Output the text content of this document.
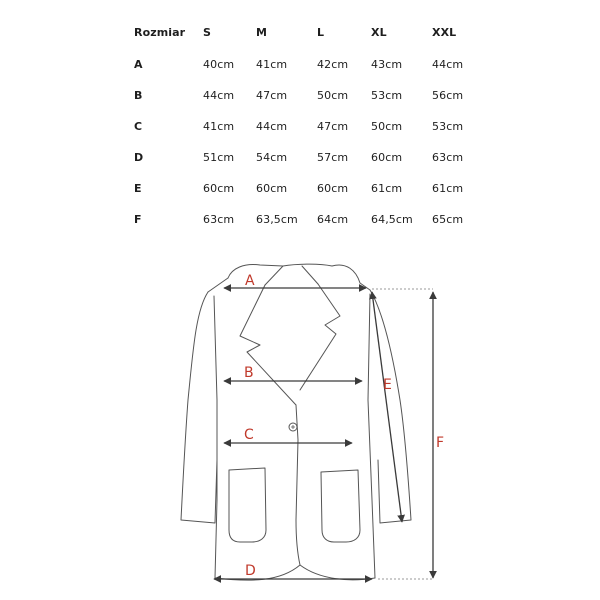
Rozmiar S	M	L	XL	XXL
A	40cm 41cm	42cm 43cm	44cm
B	44cm 47cm	50cm 53cm	56cm
C	41cm 44cm	47cm 50cm	53cm
D	51cm 54cm	57cm 60cm	63cm
E	60cm 60cm	60cm 61cm	61cm
F	63cm 63,5cm 64cm 64,5cm 65cm
A
B
C
D
E
F
